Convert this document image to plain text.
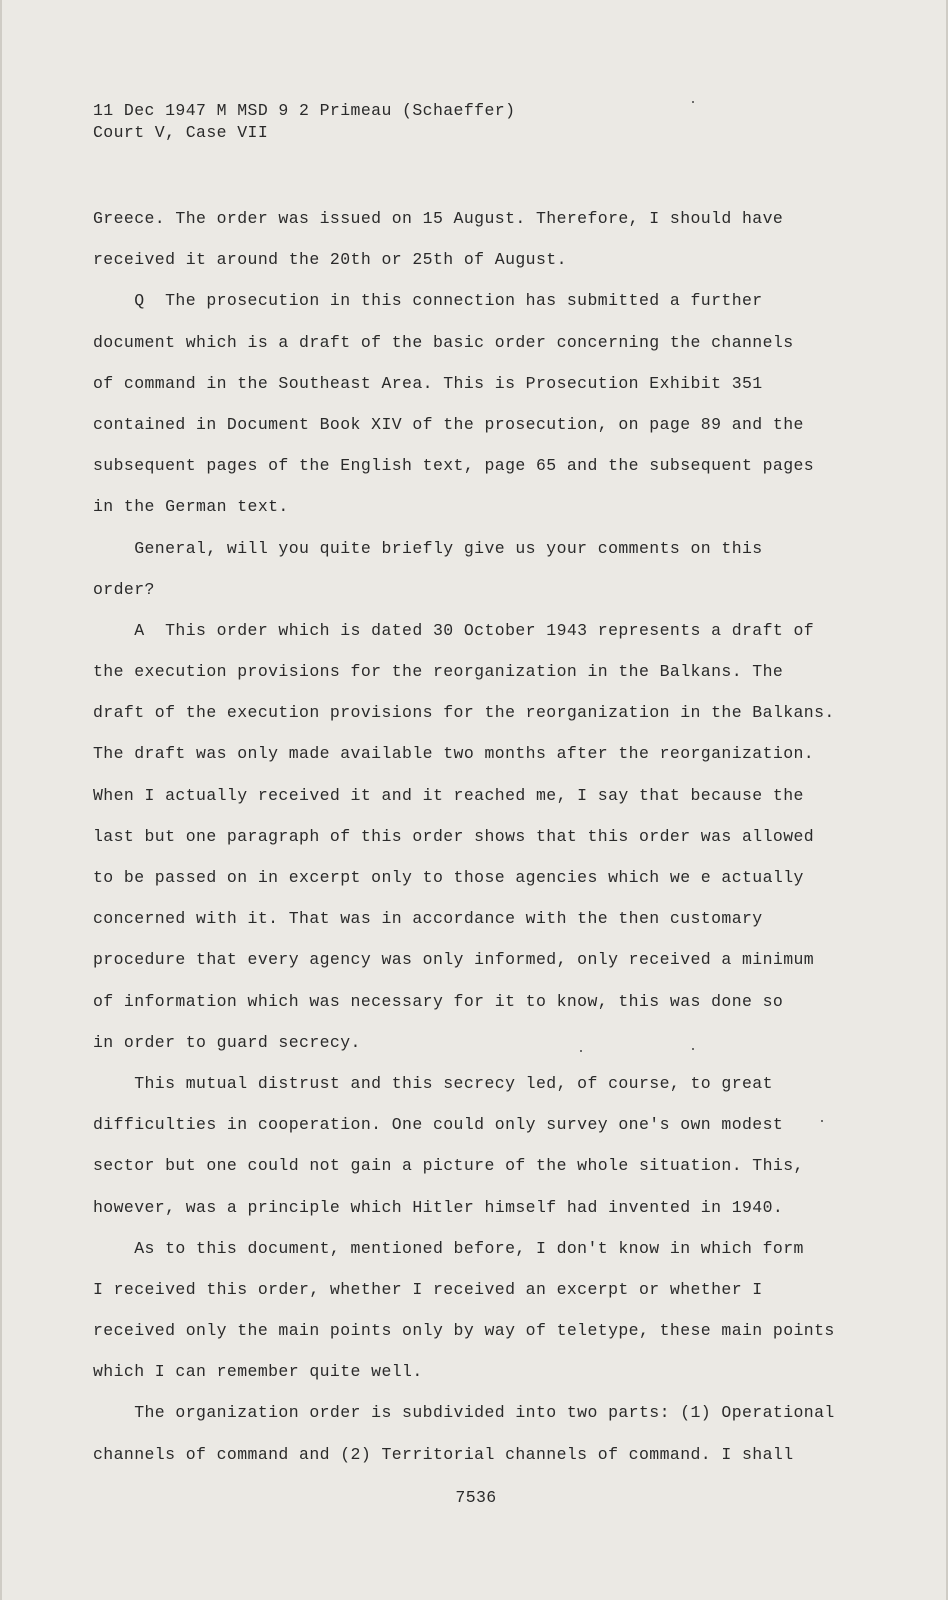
11 Dec 1947 M MSD 9 2 Primeau (Schaeffer)
Court V, Case VII
Greece. The order was issued on 15 August. Therefore, I should have
received it around the 20th or 25th of August.
Q  The prosecution in this connection has submitted a further
document which is a draft of the basic order concerning the channels
of command in the Southeast Area. This is Prosecution Exhibit 351
contained in Document Book XIV of the prosecution, on page 89 and the
subsequent pages of the English text, page 65 and the subsequent pages
in the German text.
General, will you quite briefly give us your comments on this
order?
A  This order which is dated 30 October 1943 represents a draft of
the execution provisions for the reorganization in the Balkans. The
draft of the execution provisions for the reorganization in the Balkans.
The draft was only made available two months after the reorganization.
When I actually received it and it reached me, I say that because the
last but one paragraph of this order shows that this order was allowed
to be passed on in excerpt only to those agencies which we e actually
concerned with it. That was in accordance with the then customary
procedure that every agency was only informed, only received a minimum
of information which was necessary for it to know, this was done so
in order to guard secrecy.
This mutual distrust and this secrecy led, of course, to great
difficulties in cooperation. One could only survey one's own modest
sector but one could not gain a picture of the whole situation. This,
however, was a principle which Hitler himself had invented in 1940.
As to this document, mentioned before, I don't know in which form
I received this order, whether I received an excerpt or whether I
received only the main points only by way of teletype, these main points
which I can remember quite well.
The organization order is subdivided into two parts: (1) Operational
channels of command and (2) Territorial channels of command. I shall
7536
